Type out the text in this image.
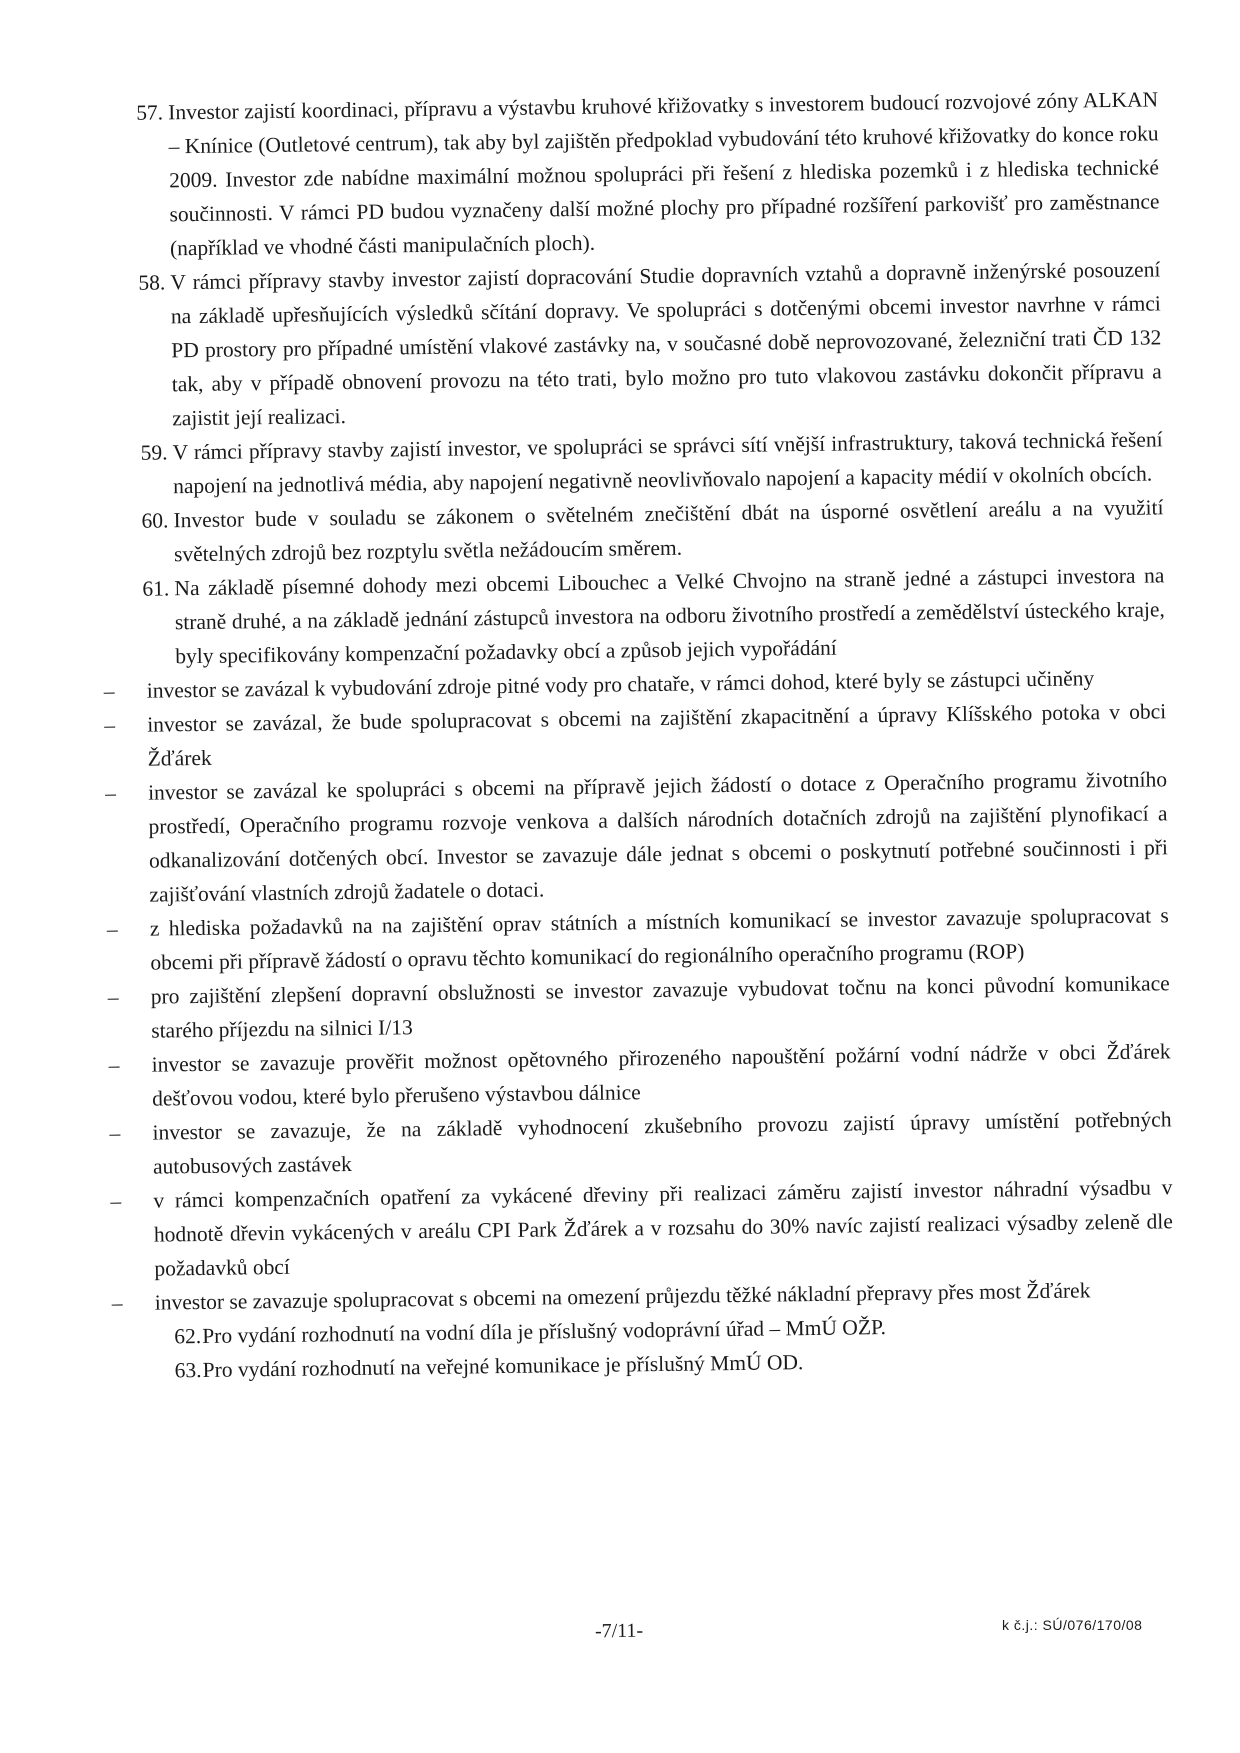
57. Investor zajistí koordinaci, přípravu a výstavbu kruhové křižovatky s investorem budoucí rozvojové zóny ALKAN – Knínice (Outletové centrum), tak aby byl zajištěn předpoklad vybudování této kruhové křižovatky do konce roku 2009. Investor zde nabídne maximální možnou spolupráci při řešení z hlediska pozemků i z hlediska technické součinnosti. V rámci PD budou vyznačeny další možné plochy pro případné rozšíření parkovišť pro zaměstnance (například ve vhodné části manipulačních ploch).
58. V rámci přípravy stavby investor zajistí dopracování Studie dopravních vztahů a dopravně inženýrské posouzení na základě upřesňujících výsledků sčítání dopravy. Ve spolupráci s dotčenými obcemi investor navrhne v rámci PD prostory pro případné umístění vlakové zastávky na, v současné době neprovozované, železniční trati ČD 132 tak, aby v případě obnovení provozu na této trati, bylo možno pro tuto vlakovou zastávku dokončit přípravu a zajistit její realizaci.
59. V rámci přípravy stavby zajistí investor, ve spolupráci se správci sítí vnější infrastruktury, taková technická řešení napojení na jednotlivá média, aby napojení negativně neovlivňovalo napojení a kapacity médií v okolních obcích.
60. Investor bude v souladu se zákonem o světelném znečištění dbát na úsporné osvětlení areálu a na využití světelných zdrojů bez rozptylu světla nežádoucím směrem.
61. Na základě písemné dohody mezi obcemi Libouchec a Velké Chvojno na straně jedné a zástupci investora na straně druhé, a na základě jednání zástupců investora na odboru životního prostředí a zemědělství ústeckého kraje, byly specifikovány kompenzační požadavky obcí a způsob jejich vypořádání
– investor se zavázal k vybudování zdroje pitné vody pro chataře, v rámci dohod, které byly se zástupci učiněny
– investor se zavázal, že bude spolupracovat s obcemi na zajištění zkapacitnění a úpravy Klíšského potoka v obci Žďárek
– investor se zavázal ke spolupráci s obcemi na přípravě jejich žádostí o dotace z Operačního programu životního prostředí, Operačního programu rozvoje venkova a dalších národních dotačních zdrojů na zajištění plynofikací a odkanalizování dotčených obcí. Investor se zavazuje dále jednat s obcemi o poskytnutí potřebné součinnosti i při zajišťování vlastních zdrojů žadatele o dotaci.
– z hlediska požadavků na na zajištění oprav státních a místních komunikací se investor zavazuje spolupracovat s obcemi při přípravě žádostí o opravu těchto komunikací do regionálního operačního programu (ROP)
– pro zajištění zlepšení dopravní obslužnosti se investor zavazuje vybudovat točnu na konci původní komunikace starého příjezdu na silnici I/13
– investor se zavazuje prověřit možnost opětovného přirozeného napouštění požární vodní nádrže v obci Žďárek dešťovou vodou, které bylo přerušeno výstavbou dálnice
– investor se zavazuje, že na základě vyhodnocení zkušebního provozu zajistí úpravy umístění potřebných autobusových zastávek
– v rámci kompenzačních opatření za vykácené dřeviny při realizaci záměru zajistí investor náhradní výsadbu v hodnotě dřevin vykácených v areálu CPI Park Žďárek a v rozsahu do 30% navíc zajistí realizaci výsadby zeleně dle požadavků obcí
– investor se zavazuje spolupracovat s obcemi na omezení průjezdu těžké nákladní přepravy přes most Žďárek
62. Pro vydání rozhodnutí na vodní díla je příslušný vodoprávní úřad – MmÚ OŽP.
63. Pro vydání rozhodnutí na veřejné komunikace je příslušný MmÚ OD.
-7/11-	k č.j.: SÚ/076/170/08
